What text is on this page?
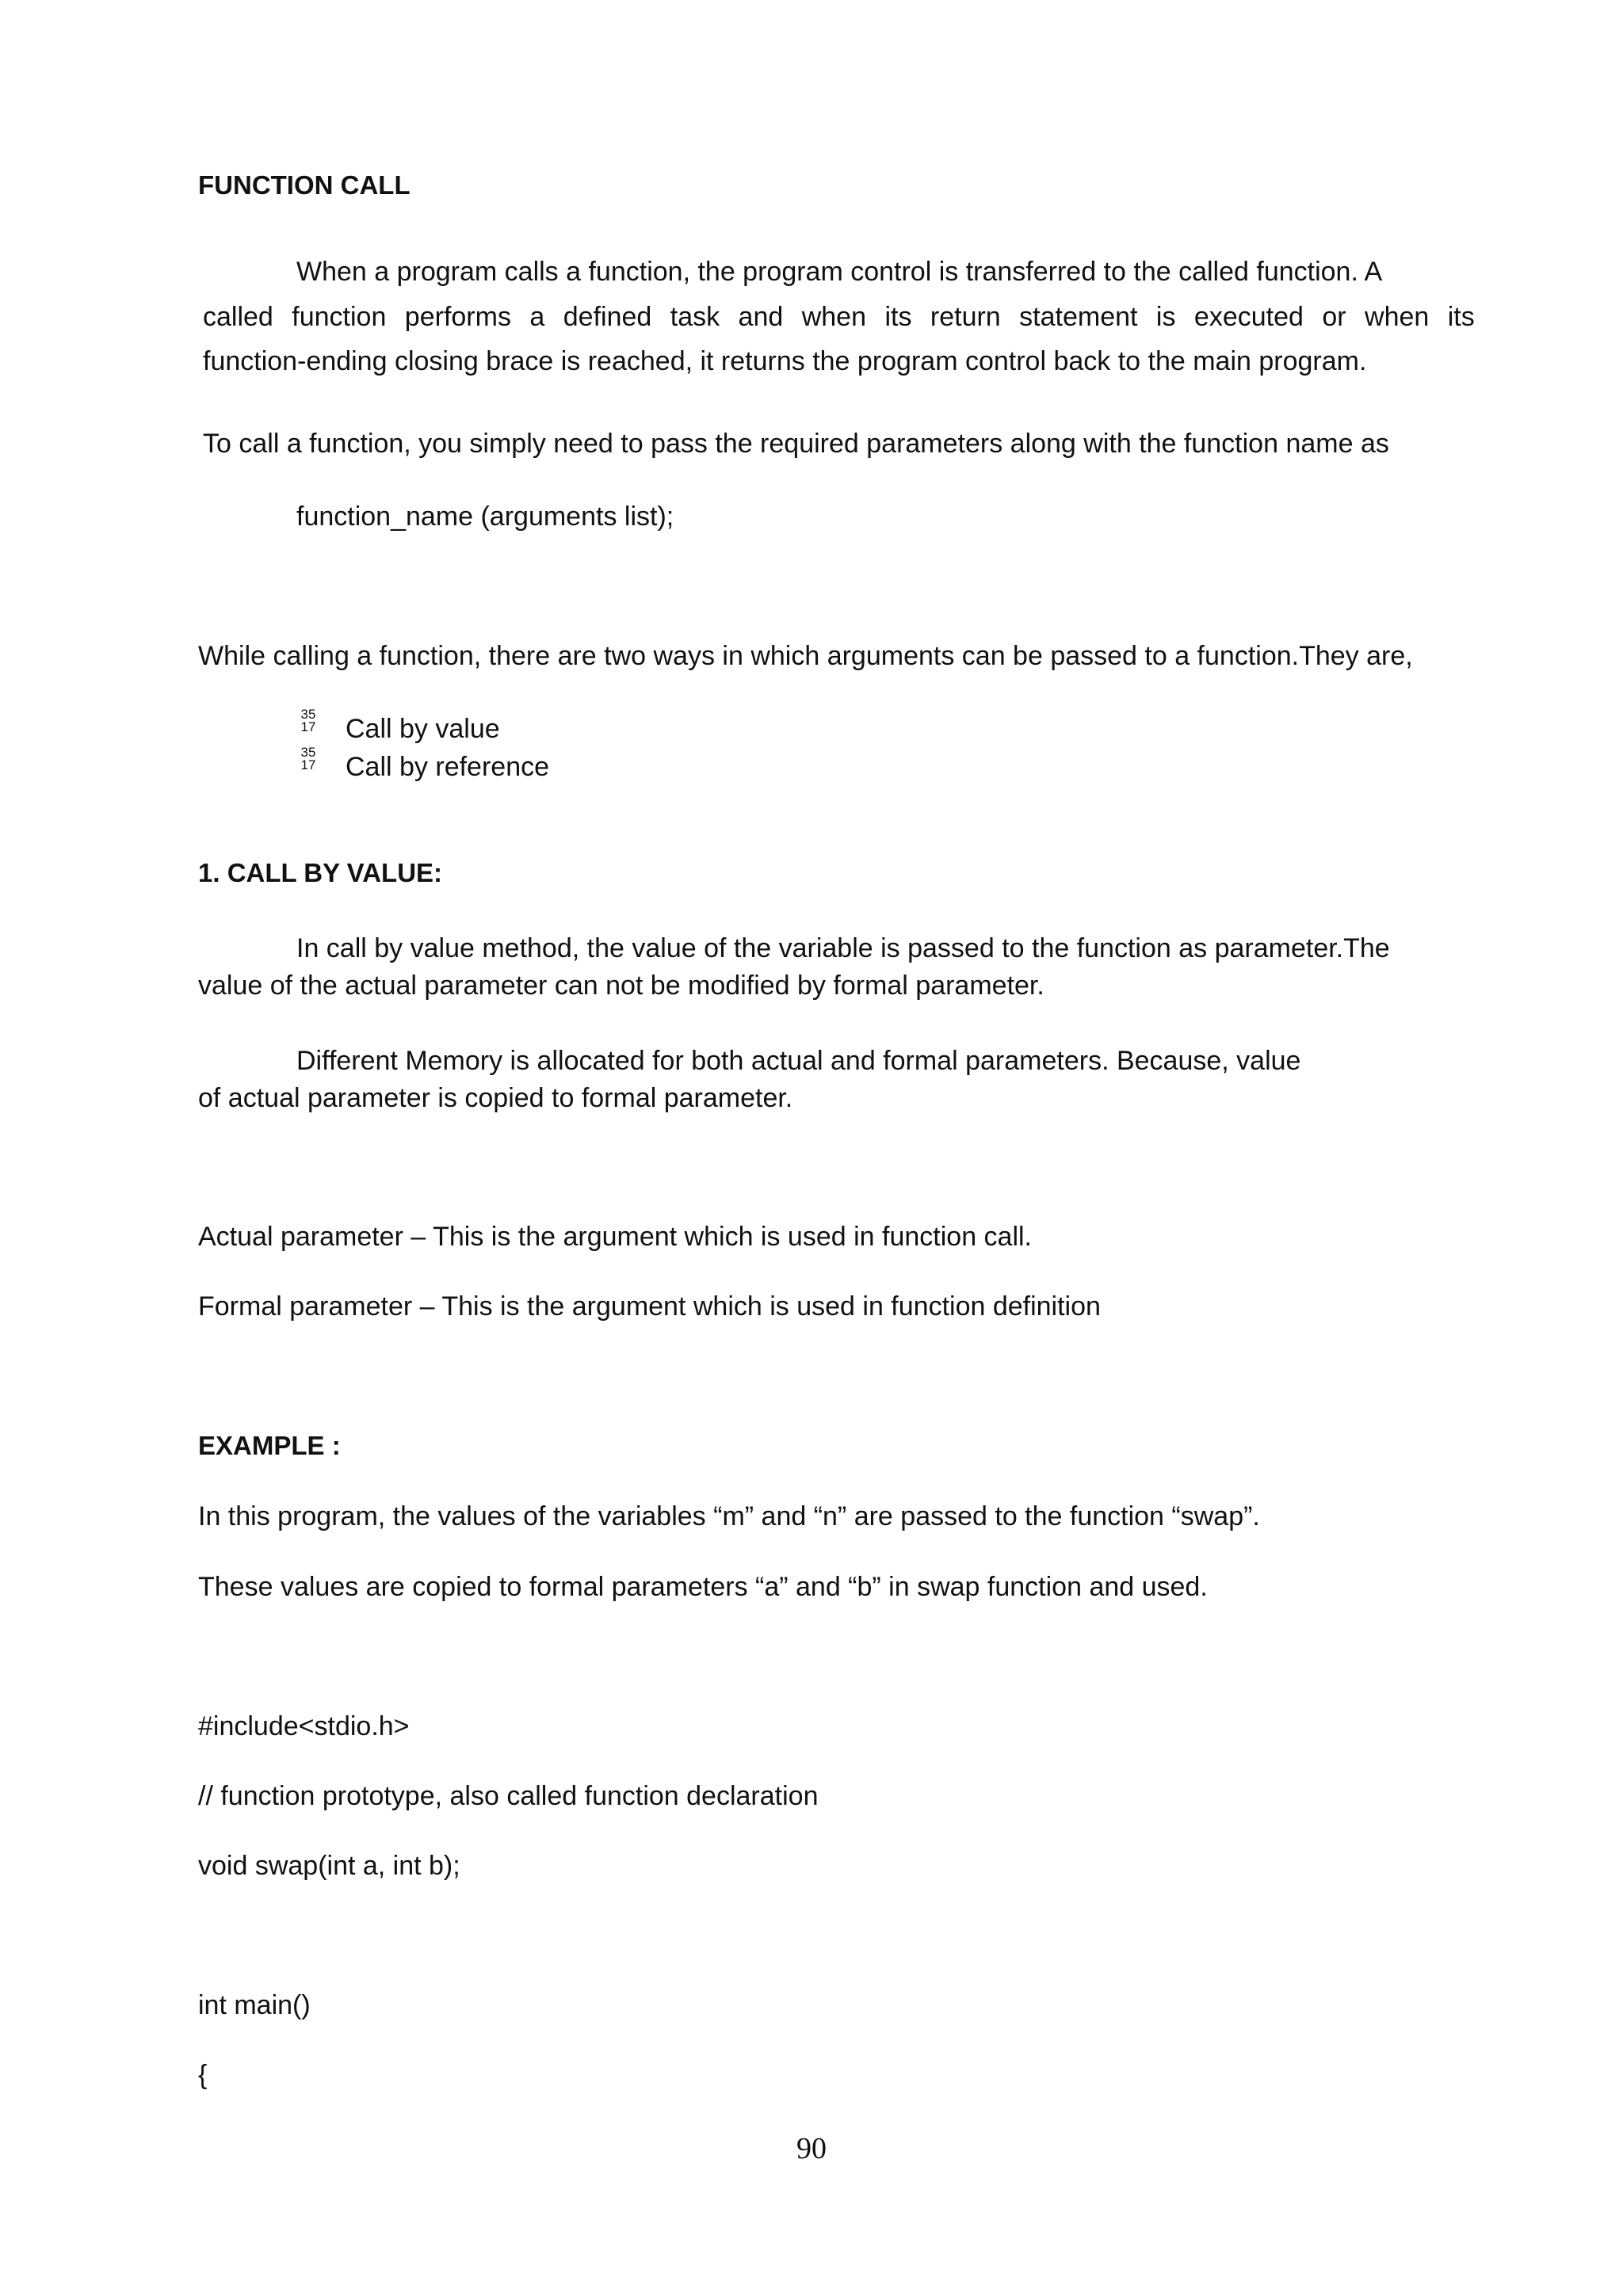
FUNCTION CALL

When a program calls a function, the program control is transferred to the called function. A

called function performs a defined task and when its return statement is executed or when its

function-ending closing brace is reached, it returns the program control back to the main program.

To call a function, you simply need to pass the required parameters along with the function name as

function_name (arguments list);

While calling a function, there are two ways in which arguments can be passed to a function.They are,

35
17 Call by value

35
17 Call by reference

1. CALL BY VALUE:

In call by value method, the value of the variable is passed to the function as parameter.The

value of the actual parameter can not be modified by formal parameter.

Different Memory is allocated for both actual and formal parameters. Because, value

of actual parameter is copied to formal parameter.

Actual parameter – This is the argument which is used in function call.

Formal parameter – This is the argument which is used in function definition

EXAMPLE :

In this program, the values of the variables “m” and “n” are passed to the function “swap”.

These values are copied to formal parameters “a” and “b” in swap function and used.

#include<stdio.h>

// function prototype, also called function declaration

void swap(int a, int b);

int main()

{

90
